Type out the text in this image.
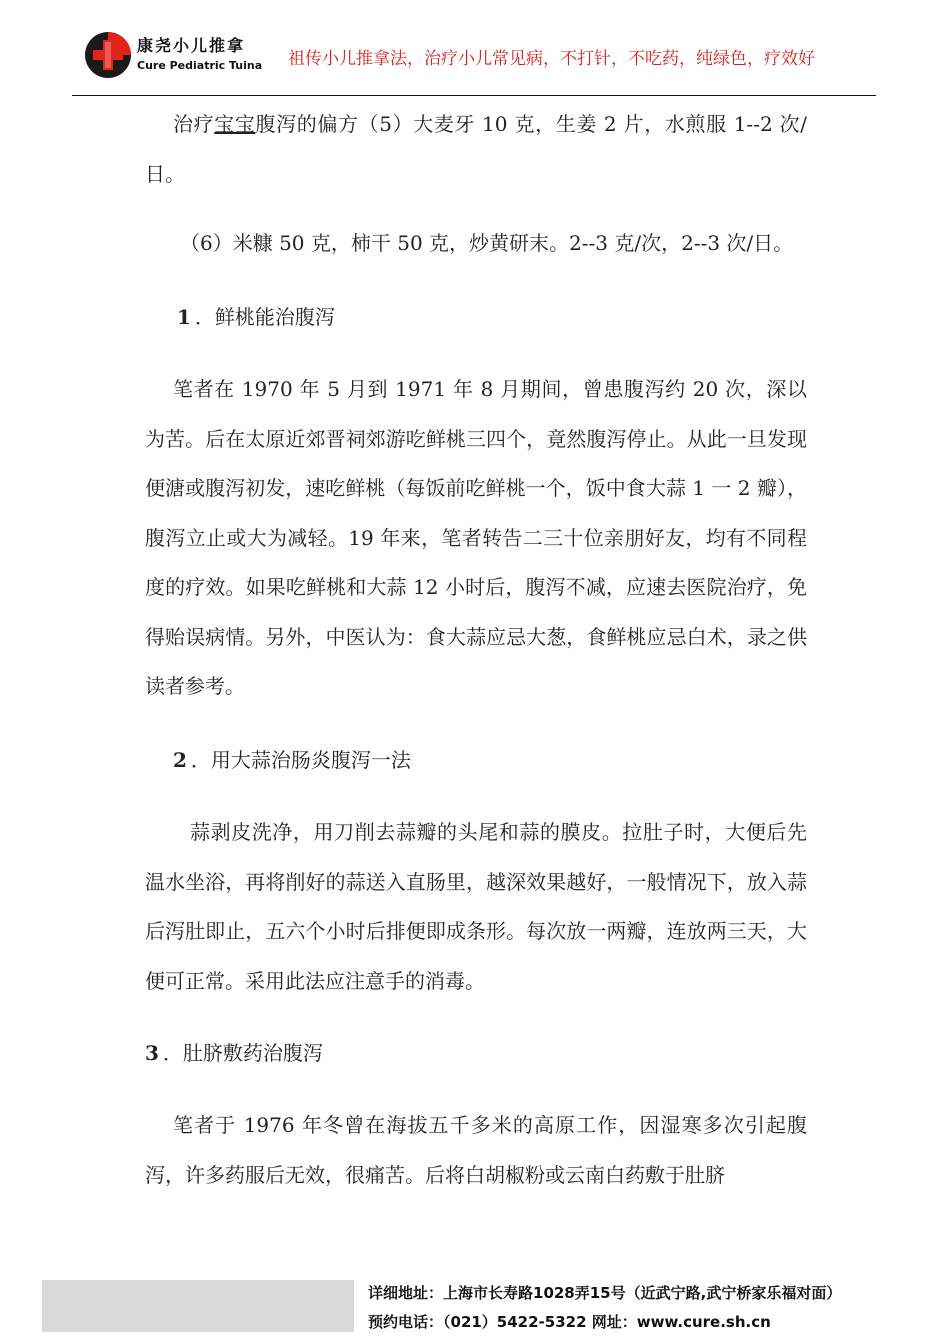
康尧小儿推拿
Cure Pediatric Tuina 祖传小儿推拿法，治疗小儿常见病，不打针，不吃药，纯绿色，疗效好

治疗宝宝腹泻的偏方（5）大麦牙 10 克，生姜 2 片，水煎服 1--2 次/日。

（6）米糠 50 克，柿干 50 克，炒黄研末。2--3 克/次，2--3 次/日。

1 ．鲜桃能治腹泻

笔者在 1970 年 5 月到 1971 年 8 月期间，曾患腹泻约 20 次，深以为苦。后在太原近郊晋祠郊游吃鲜桃三四个，竟然腹泻停止。从此一旦发现便溏或腹泻初发，速吃鲜桃（每饭前吃鲜桃一个，饭中食大蒜 1 一 2 瓣），腹泻立止或大为减轻。19 年来，笔者转告二三十位亲朋好友，均有不同程度的疗效。如果吃鲜桃和大蒜 12 小时后，腹泻不减，应速去医院治疗，免得贻误病情。另外，中医认为：食大蒜应忌大葱，食鲜桃应忌白术，录之供读者参考。

2 ．用大蒜治肠炎腹泻一法

蒜剥皮洗净，用刀削去蒜瓣的头尾和蒜的膜皮。拉肚子时，大便后先温水坐浴，再将削好的蒜送入直肠里，越深效果越好，一般情况下，放入蒜后泻肚即止，五六个小时后排便即成条形。每次放一两瓣，连放两三天，大便可正常。采用此法应注意手的消毒。

3 ．肚脐敷药治腹泻

笔者于 1976 年冬曾在海拔五千多米的高原工作，因湿寒多次引起腹泻，许多药服后无效，很痛苦。后将白胡椒粉或云南白药敷于肚脐

详细地址：上海市长寿路1028弄15号（近武宁路,武宁桥家乐福对面）
预约电话：（021）5422-5322 网址：www.cure.sh.cn
